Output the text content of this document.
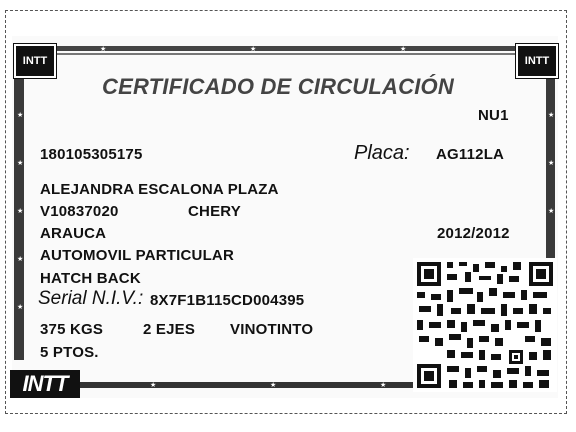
★
★
★
★
★
★
★
★
★	★	★
★	★	★
INTT	INTT
INTT
CERTIFICADO DE CIRCULACIÓN
NU1
180105305175	Placa: AG112LA
ALEJANDRA ESCALONA PLAZA
V10837020	CHERY
ARAUCA	2012/2012
AUTOMOVIL PARTICULAR
HATCH BACK
Serial N.I.V.: 8X7F1B115CD004395
375 KGS	2 EJES VINOTINTO
5 PTOS.
